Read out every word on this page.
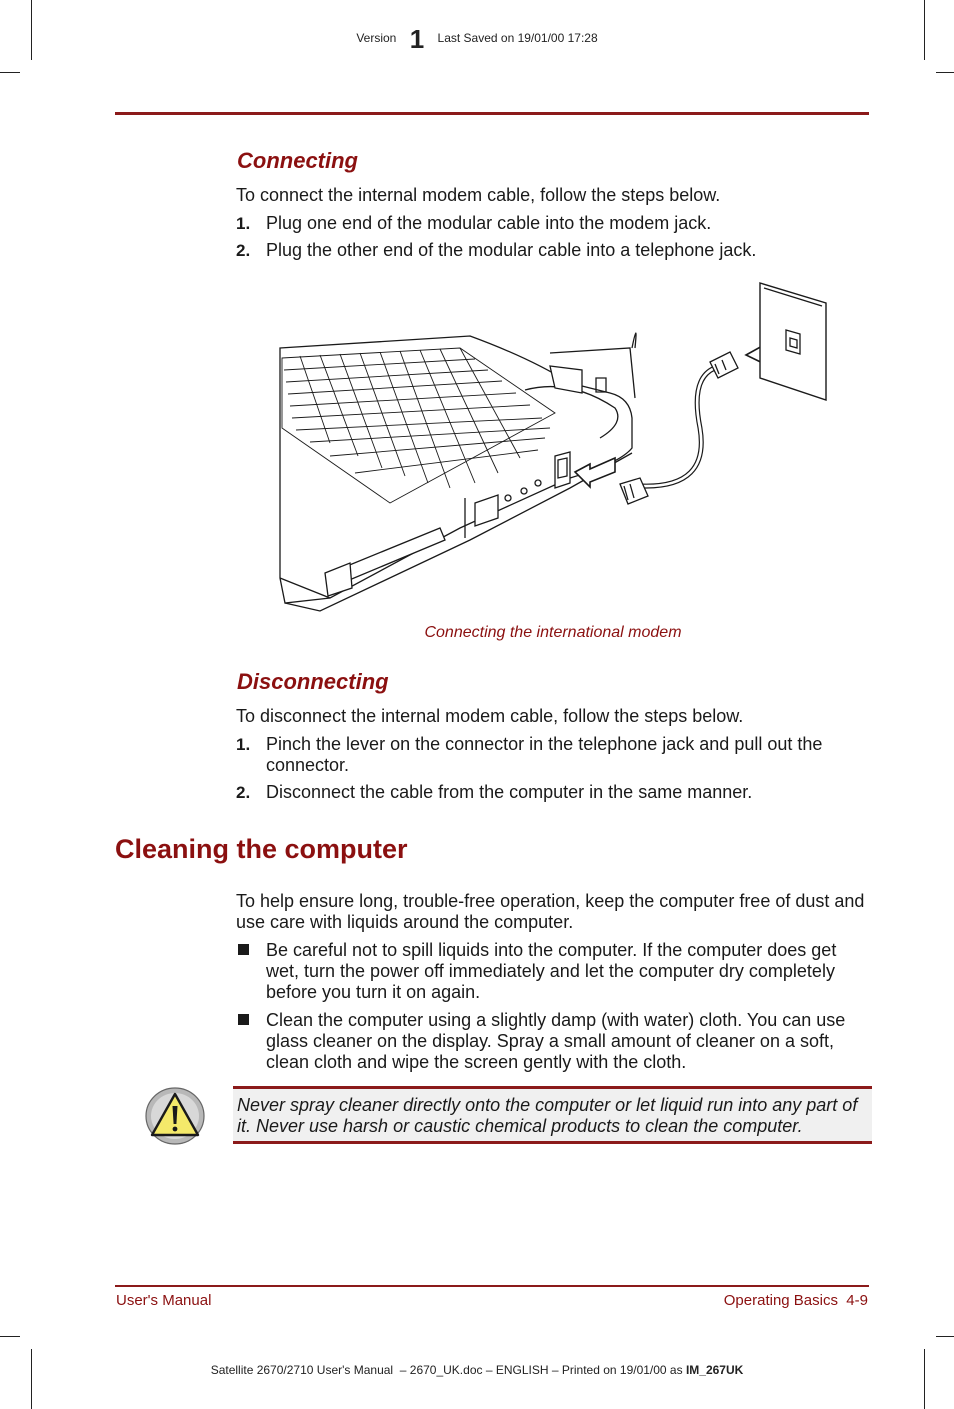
Version 1 Last Saved on 19/01/00 17:28
Connecting
To connect the internal modem cable, follow the steps below.
1. Plug one end of the modular cable into the modem jack.
2. Plug the other end of the modular cable into a telephone jack.
Connecting the international modem
Disconnecting
To disconnect the internal modem cable, follow the steps below.
1. Pinch the lever on the connector in the telephone jack and pull out the connector.
2. Disconnect the cable from the computer in the same manner.
Cleaning the computer
To help ensure long, trouble-free operation, keep the computer free of dust and use care with liquids around the computer.
Be careful not to spill liquids into the computer. If the computer does get wet, turn the power off immediately and let the computer dry completely before you turn it on again.
Clean the computer using a slightly damp (with water) cloth. You can use glass cleaner on the display. Spray a small amount of cleaner on a soft, clean cloth and wipe the screen gently with the cloth.
Never spray cleaner directly onto the computer or let liquid run into any part of it. Never use harsh or caustic chemical products to clean the computer.
User's Manual	Operating Basics  4-9
Satellite 2670/2710 User's Manual  – 2670_UK.doc – ENGLISH – Printed on 19/01/00 as IM_267UK
